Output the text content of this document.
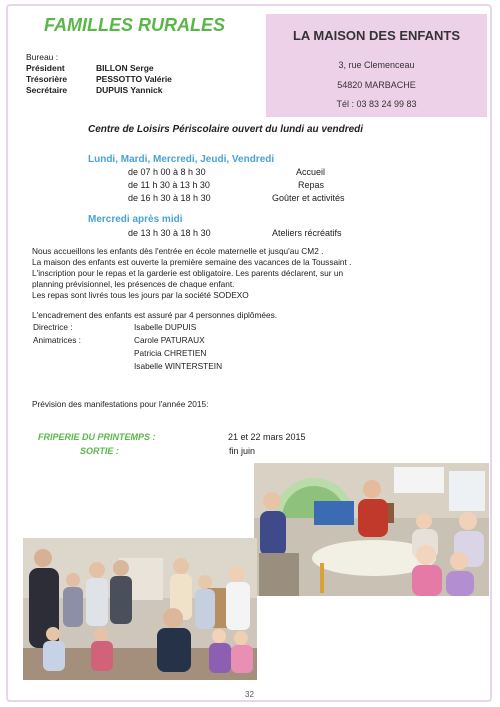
FAMILLES RURALES
Bureau :
Président	BILLON Serge
Trésorière	PESSOTTO Valérie
Secrétaire	DUPUIS Yannick
LA MAISON DES ENFANTS
3, rue Clemenceau
54820 MARBACHE
Tél : 03 83 24 99 83
Centre de Loisirs Périscolaire ouvert du lundi au vendredi
Lundi, Mardi, Mercredi, Jeudi, Vendredi
de 07 h 00 à 8 h 30	Accueil
de 11 h 30 à 13 h 30	Repas
de 16 h 30 à 18 h 30	Goûter et activités
Mercredi après midi
de 13 h 30 à 18 h 30	Ateliers récréatifs
Nous accueillons les enfants dès l'entrée en école maternelle et jusqu'au CM2 .
La maison des enfants est ouverte la première semaine des vacances de la Toussaint .
L'inscription pour le repas et la garderie est obligatoire. Les parents déclarent, sur un
planning prévisionnel, les présences de chaque enfant.
Les repas sont livrés tous les jours par la société SODEXO
L'encadrement des enfants est assuré par 4 personnes diplômées.
Directrice :	Isabelle DUPUIS
Animatrices :	Carole PATURAUX
Patricia CHRETIEN
Isabelle WINTERSTEIN
Prévision des manifestations pour l'année 2015:
FRIPERIE DU PRINTEMPS :	21 et 22 mars 2015
SORTIE :	fin juin
32
